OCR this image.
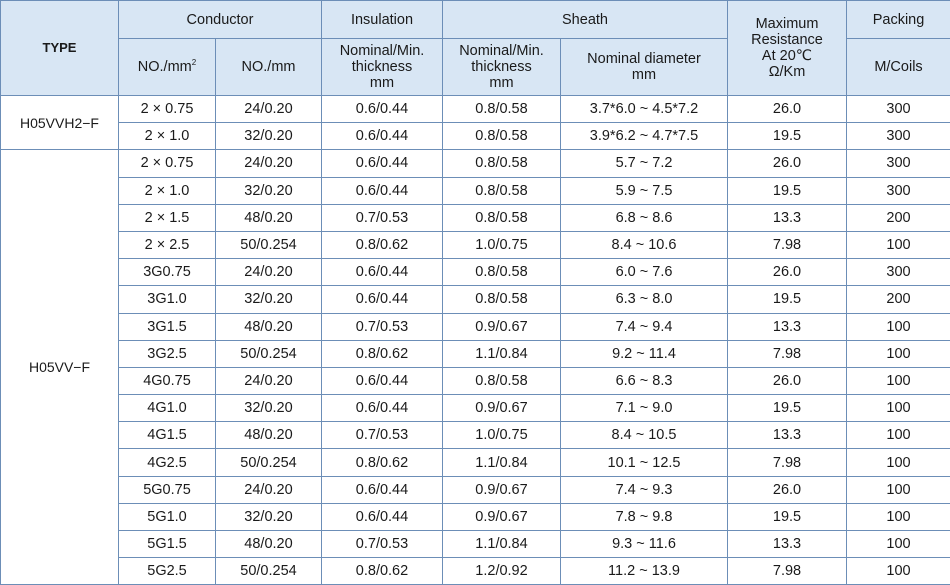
TYPE	Conductor		Insulation	Sheath		Maximum
Resistance
At 20℃
Ω/Km	Packing
	$NO./mm^2$	NO./mm	Nominal/Min.
thickness
mm	Nominal/Min.
thickness
mm	Nominal diameter
mm		M/Coils
H05VVH2−F	2 × 0.75	24/0.20	0.6/0.44	0.8/0.58	3.7*6.0 ~ 4.5*7.2	26.0	300
	2 × 1.0	32/0.20	0.6/0.44	0.8/0.58	3.9*6.2 ~ 4.7*7.5	19.5	300
H05VV−F	2 × 0.75	24/0.20	0.6/0.44	0.8/0.58	5.7 ~ 7.2	26.0	300
	2 × 1.0	32/0.20	0.6/0.44	0.8/0.58	5.9 ~ 7.5	19.5	300
	2 × 1.5	48/0.20	0.7/0.53	0.8/0.58	6.8 ~ 8.6	13.3	200
	2 × 2.5	50/0.254	0.8/0.62	1.0/0.75	8.4 ~ 10.6	7.98	100
	3G0.75	24/0.20	0.6/0.44	0.8/0.58	6.0 ~ 7.6	26.0	300
	3G1.0	32/0.20	0.6/0.44	0.8/0.58	6.3 ~ 8.0	19.5	200
	3G1.5	48/0.20	0.7/0.53	0.9/0.67	7.4 ~ 9.4	13.3	100
	3G2.5	50/0.254	0.8/0.62	1.1/0.84	9.2 ~ 11.4	7.98	100
	4G0.75	24/0.20	0.6/0.44	0.8/0.58	6.6 ~ 8.3	26.0	100
	4G1.0	32/0.20	0.6/0.44	0.9/0.67	7.1 ~ 9.0	19.5	100
	4G1.5	48/0.20	0.7/0.53	1.0/0.75	8.4 ~ 10.5	13.3	100
	4G2.5	50/0.254	0.8/0.62	1.1/0.84	10.1 ~ 12.5	7.98	100
	5G0.75	24/0.20	0.6/0.44	0.9/0.67	7.4 ~ 9.3	26.0	100
	5G1.0	32/0.20	0.6/0.44	0.9/0.67	7.8 ~ 9.8	19.5	100
	5G1.5	48/0.20	0.7/0.53	1.1/0.84	9.3 ~ 11.6	13.3	100
	5G2.5	50/0.254	0.8/0.62	1.2/0.92	11.2 ~ 13.9	7.98	100
